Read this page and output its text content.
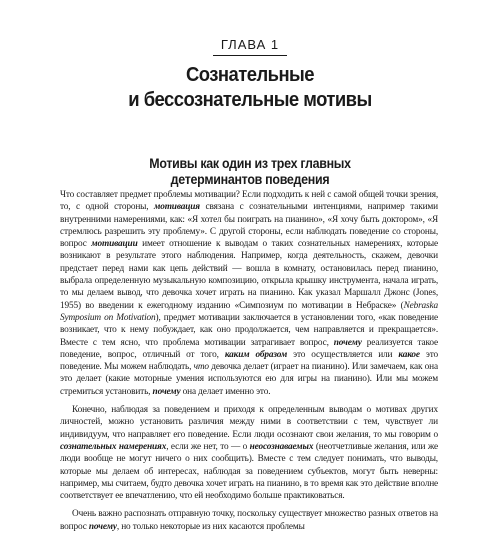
ГЛАВА 1
Сознательные
и бессознательные мотивы
Мотивы как один из трех главных
детерминантов поведения

Что составляет предмет проблемы мотивации? Если подходить к ней с самой общей точки зрения, то, с одной стороны, мотивация связана с сознательными интенциями, например такими внутренними намерениями, как: «Я хотел бы поиграть на пианино», «Я хочу быть доктором», «Я стремлюсь разрешить эту проблему». С другой стороны, если наблюдать поведение со стороны, вопрос мотивации имеет отношение к выводам о таких сознательных намерениях, которые возникают в результате этого наблюдения. Например, когда деятельность, скажем, девочки предстает перед нами как цепь действий — вошла в комнату, остановилась перед пианино, выбрала определенную музыкальную композицию, открыла крышку инструмента, начала играть, то мы делаем вывод, что девочка хочет играть на пианино. Как указал Маршалл Джонс (Jones, 1955) во введении к ежегодному изданию «Симпозиум по мотивации в Небраске» (Nebraska Symposium on Motivation), предмет мотивации заключается в установлении того, «как поведение возникает, что к нему побуждает, как оно продолжается, чем направляется и прекращается». Вместе с тем ясно, что проблема мотивации затрагивает вопрос, почему реализуется такое поведение, вопрос, отличный от того, каким образом это осуществляется или какое это поведение. Мы можем наблюдать, что девочка делает (играет на пианино). Или замечаем, как она это делает (какие моторные умения используются ею для игры на пианино). Или мы можем стремиться установить, почему она делает именно это.

Конечно, наблюдая за поведением и приходя к определенным выводам о мотивах других личностей, можно установить различия между ними в соответствии с тем, чувствует ли индивидуум, что направляет его поведение. Если люди осознают свои желания, то мы говорим о сознательных намерениях, если же нет, то — о неосознаваемых (неотчетливые желания, или же люди вообще не могут ничего о них сообщить). Вместе с тем следует понимать, что выводы, которые мы делаем об интересах, наблюдая за поведением субъектов, могут быть неверны: например, мы считаем, будто девочка хочет играть на пианино, в то время как это действие вполне соответствует ее впечатлению, что ей необходимо больше практиковаться.

Очень важно распознать отправную точку, поскольку существует множество разных ответов на вопрос почему, но только некоторые из них касаются проблемы
